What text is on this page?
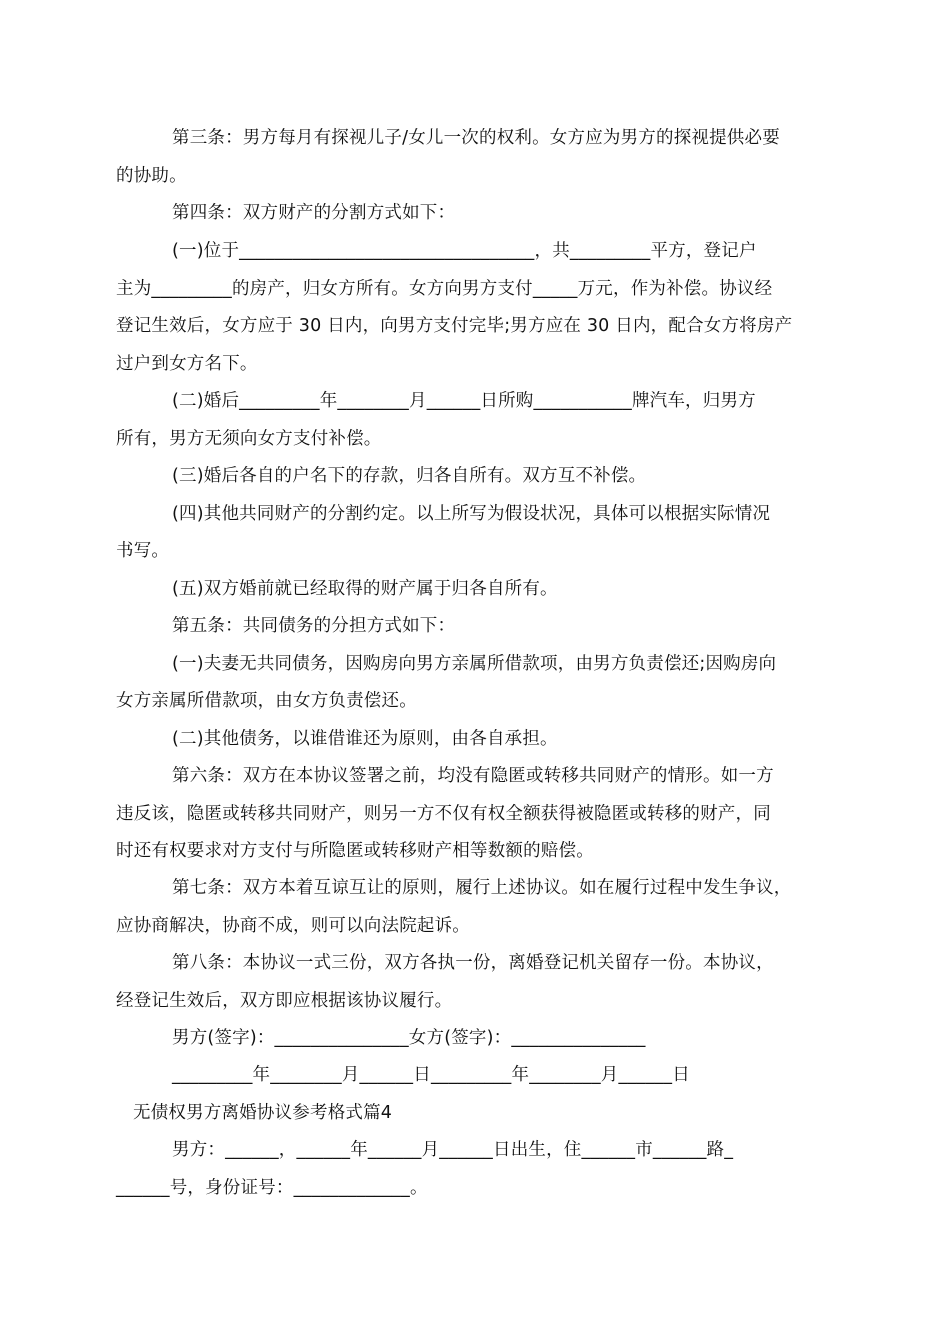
第三条：男方每月有探视儿子/女儿一次的权利。女方应为男方的探视提供必要
的协助。
第四条：双方财产的分割方式如下：
(一)位于_________________________________，共_________平方，登记户
主为_________的房产，归女方所有。女方向男方支付_____万元，作为补偿。协议经
登记生效后，女方应于 30 日内，向男方支付完毕;男方应在 30 日内，配合女方将房产
过户到女方名下。
(二)婚后_________年________月______日所购___________牌汽车，归男方
所有，男方无须向女方支付补偿。
(三)婚后各自的户名下的存款，归各自所有。双方互不补偿。
(四)其他共同财产的分割约定。以上所写为假设状况，具体可以根据实际情况
书写。
(五)双方婚前就已经取得的财产属于归各自所有。
第五条：共同债务的分担方式如下：
(一)夫妻无共同债务，因购房向男方亲属所借款项，由男方负责偿还;因购房向
女方亲属所借款项，由女方负责偿还。
(二)其他债务，以谁借谁还为原则，由各自承担。
第六条：双方在本协议签署之前，均没有隐匿或转移共同财产的情形。如一方
违反该，隐匿或转移共同财产，则另一方不仅有权全额获得被隐匿或转移的财产，同
时还有权要求对方支付与所隐匿或转移财产相等数额的赔偿。
第七条：双方本着互谅互让的原则，履行上述协议。如在履行过程中发生争议，
应协商解决，协商不成，则可以向法院起诉。
第八条：本协议一式三份，双方各执一份，离婚登记机关留存一份。本协议，
经登记生效后，双方即应根据该协议履行。
男方(签字)：_______________女方(签字)：_______________
_________年________月______日_________年________月______日
无债权男方离婚协议参考格式篇4
男方：______，______年______月______日出生，住______市______路_
______号，身份证号：_____________。
